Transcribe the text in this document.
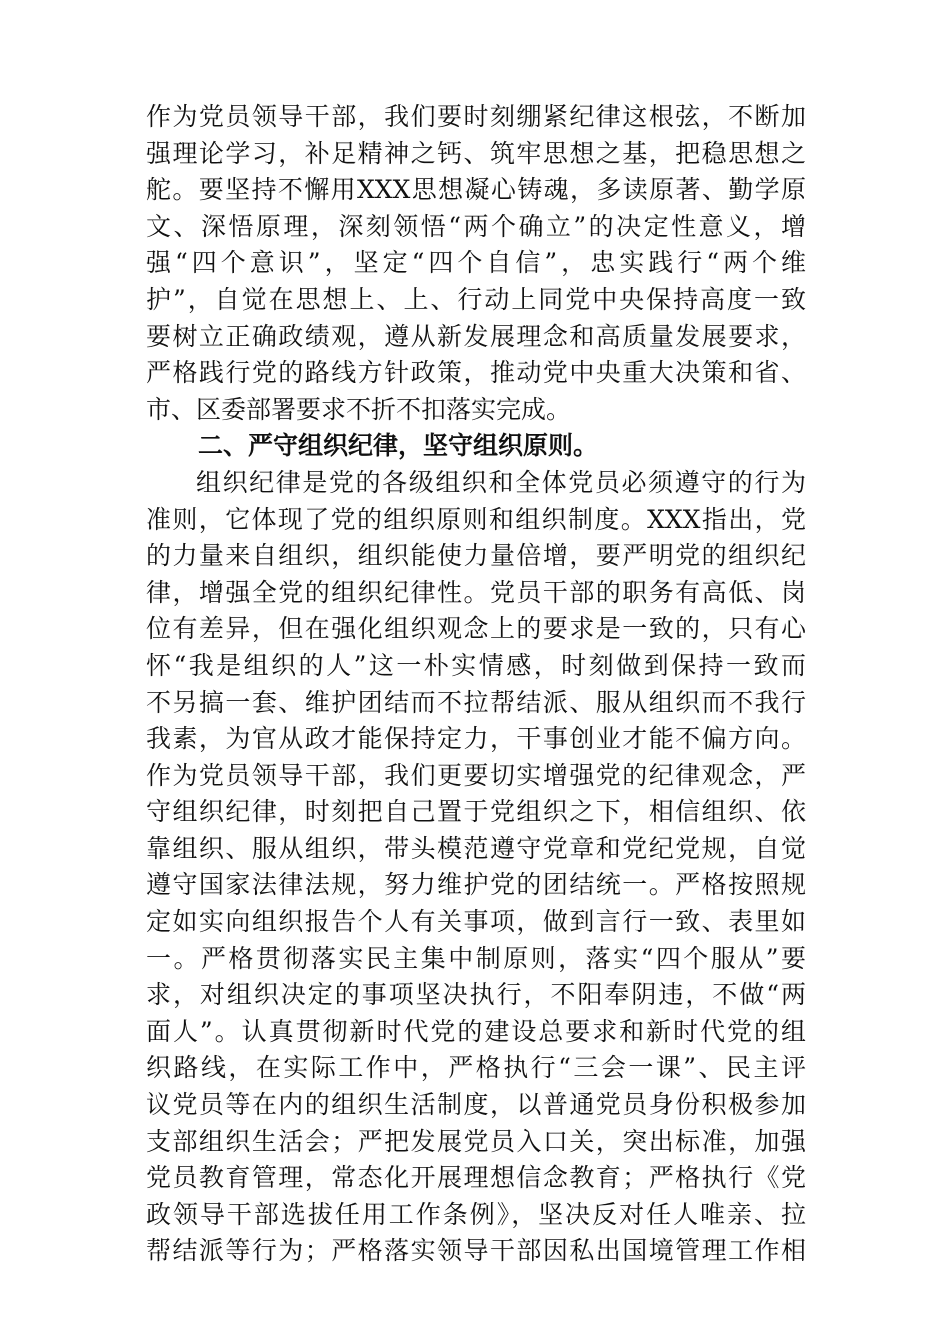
作为党员领导干部，我们要时刻绷紧纪律这根弦，不断加
强理论学习，补足精神之钙、筑牢思想之基，把稳思想之
舵。要坚持不懈用XXX思想凝心铸魂，多读原著、勤学原
文、深悟原理，深刻领悟“两个确立”的决定性意义，增
强“四个意识”，坚定“四个自信”，忠实践行“两个维
护”，自觉在思想上、上、行动上同党中央保持高度一致
要树立正确政绩观，遵从新发展理念和高质量发展要求，
严格践行党的路线方针政策，推动党中央重大决策和省、
市、区委部署要求不折不扣落实完成。
二、严守组织纪律，坚守组织原则。
组织纪律是党的各级组织和全体党员必须遵守的行为
准则，它体现了党的组织原则和组织制度。XXX指出，党
的力量来自组织，组织能使力量倍增，要严明党的组织纪
律，增强全党的组织纪律性。党员干部的职务有高低、岗
位有差异，但在强化组织观念上的要求是一致的，只有心
怀“我是组织的人”这一朴实情感，时刻做到保持一致而
不另搞一套、维护团结而不拉帮结派、服从组织而不我行
我素，为官从政才能保持定力，干事创业才能不偏方向。
作为党员领导干部，我们更要切实增强党的纪律观念，严
守组织纪律，时刻把自己置于党组织之下，相信组织、依
靠组织、服从组织，带头模范遵守党章和党纪党规，自觉
遵守国家法律法规，努力维护党的团结统一。严格按照规
定如实向组织报告个人有关事项，做到言行一致、表里如
一。严格贯彻落实民主集中制原则，落实“四个服从”要
求，对组织决定的事项坚决执行，不阳奉阴违，不做“两
面人”。认真贯彻新时代党的建设总要求和新时代党的组
织路线，在实际工作中，严格执行“三会一课”、民主评
议党员等在内的组织生活制度，以普通党员身份积极参加
支部组织生活会；严把发展党员入口关，突出标准，加强
党员教育管理，常态化开展理想信念教育；严格执行《党
政领导干部选拔任用工作条例》，坚决反对任人唯亲、拉
帮结派等行为；严格落实领导干部因私出国境管理工作相
